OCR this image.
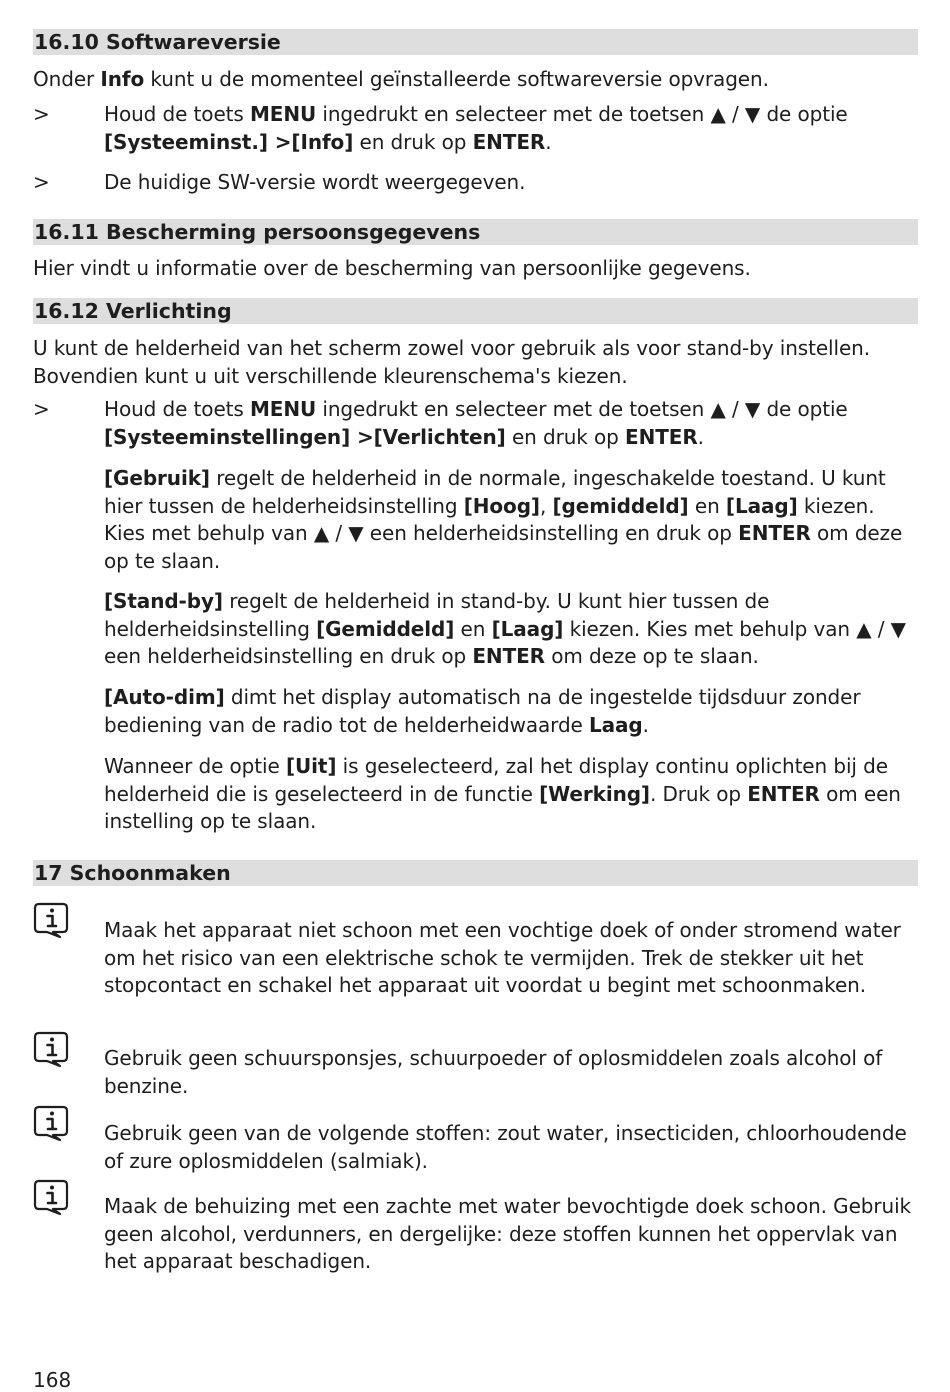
16.10 Softwareversie

Onder Info kunt u de momenteel geïnstalleerde softwareversie opvragen.

>	Houd de toets MENU ingedrukt en selecteer met de toetsen ▲ / ▼ de optie [Systeeminst.] >[Info] en druk op ENTER.

>	De huidige SW-versie wordt weergegeven.

16.11 Bescherming persoonsgegevens

Hier vindt u informatie over de bescherming van persoonlijke gegevens.

16.12 Verlichting

U kunt de helderheid van het scherm zowel voor gebruik als voor stand-by instellen. Bovendien kunt u uit verschillende kleurenschema's kiezen.

>	Houd de toets MENU ingedrukt en selecteer met de toetsen ▲ / ▼ de optie [Systeeminstellingen] >[Verlichten] en druk op ENTER.

[Gebruik] regelt de helderheid in de normale, ingeschakelde toestand. U kunt hier tussen de helderheidsinstelling [Hoog], [gemiddeld] en [Laag] kiezen. Kies met behulp van ▲ / ▼ een helderheidsinstelling en druk op ENTER om deze op te slaan.

[Stand-by] regelt de helderheid in stand-by. U kunt hier tussen de helderheidsinstelling [Gemiddeld] en [Laag] kiezen. Kies met behulp van ▲ / ▼ een helderheidsinstelling en druk op ENTER om deze op te slaan.

[Auto-dim] dimt het display automatisch na de ingestelde tijdsduur zonder bediening van de radio tot de helderheidwaarde Laag.

Wanneer de optie [Uit] is geselecteerd, zal het display continu oplichten bij de helderheid die is geselecteerd in de functie [Werking]. Druk op ENTER om een instelling op te slaan.

17 Schoonmaken

Maak het apparaat niet schoon met een vochtige doek of onder stromend water om het risico van een elektrische schok te vermijden. Trek de stekker uit het stopcontact en schakel het apparaat uit voordat u begint met schoonmaken.

Gebruik geen schuursponsjes, schuurpoeder of oplosmiddelen zoals alcohol of benzine.

Gebruik geen van de volgende stoffen: zout water, insecticiden, chloorhoudende of zure oplosmiddelen (salmiak).

Maak de behuizing met een zachte met water bevochtigde doek schoon. Gebruik geen alcohol, verdunners, en dergelijke: deze stoffen kunnen het oppervlak van het apparaat beschadigen.

168
